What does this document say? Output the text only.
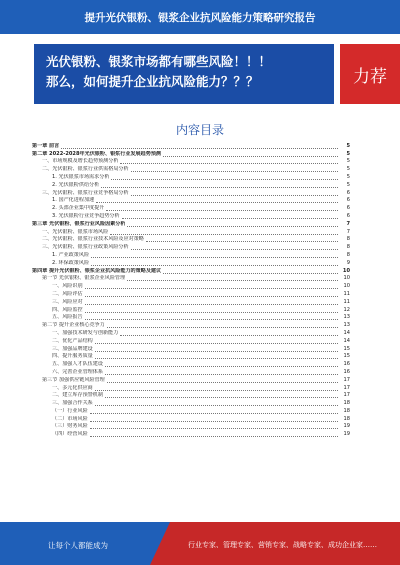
提升光伏银粉、银浆企业抗风险能力策略研究报告
光伏银粉、银浆市场都有哪些风险！！！
那么，如何提升企业抗风险能力？？？	力荐
内容目录
第一章 前言	5
第二章 2022-2028年光伏银粉、银浆行业发展趋势预测	5
一、市场规模及增长趋势预测分析	5
二、光伏银粉、银浆行业供需格局分析	5
1. 光伏银浆市场需求分析	5
2. 光伏银粉供给分析	5
三、光伏银粉、银浆行业竞争格局分析	6
1. 国产化进程加速	6
2. 头部企业集中度提升	6
3. 光伏银粉行业竞争趋势分析	6
第三章 光伏银粉、银浆行业风险因素分析	7
一、光伏银粉、银浆市场风险	7
二、光伏银粉、银浆行业技术风险及应对策略	8
三、光伏银粉、银浆行业政策风险分析	8
1. 产业政策风险	8
2. 环保政策风险	9
第四章 提升光伏银粉、银浆企业抗风险能力的策略及建议	10
第一节 光伏银粉、银浆企业风险管理	10
一、风险识别	10
二、风险评估	11
三、风险应对	11
四、风险监控	12
五、风险报告	13
第二节 提升企业核心竞争力	13
一、加强技术研发与创新能力	14
二、优化产品结构	14
三、加强品牌建设	15
四、提升服务质量	15
五、加强人才队伍建设	16
六、完善企业管理体系	16
第三节 加强供应链风险管理	17
一、多元化供应商	17
二、建立库存预警机制	17
三、加强合作关系	18
（一）行业风险	18
（二）市场风险	18
（三）财务风险	19
（四）经营风险	19
让每个人都能成为	行业专家、管理专家、营销专家、战略专家、成功企业家……
